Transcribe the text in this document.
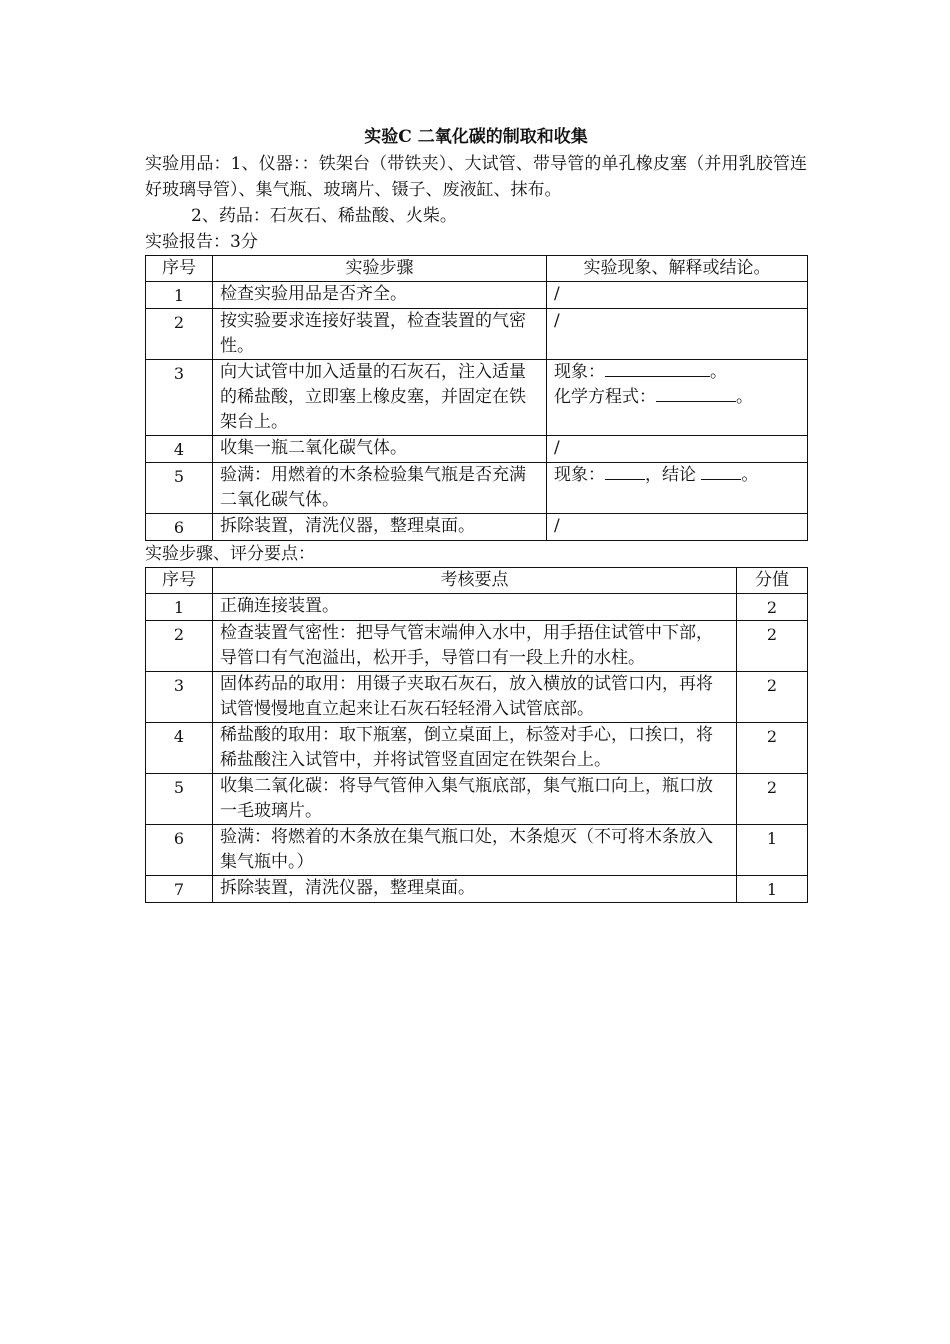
实验C 二氧化碳的制取和收集

实验用品：1、仪器：：铁架台（带铁夹）、大试管、带导管的单孔橡皮塞（并用乳胶管连好玻璃导管）、集气瓶、玻璃片、镊子、废液缸、抹布。

2、药品：石灰石、稀盐酸、火柴。

实验报告：3分

序号	实验步骤	实验现象、解释或结论。
1	检查实验用品是否齐全。	/
2	按实验要求连接好装置，检查装置的气密性。	/
3	向大试管中加入适量的石灰石，注入适量的稀盐酸，立即塞上橡皮塞，并固定在铁架台上。	现象： 。
化学方程式： 。

4	收集一瓶二氧化碳气体。	/
5	验满：用燃着的木条检验集气瓶是否充满二氧化碳气体。	现象： ，结论 。
6	拆除装置，清洗仪器，整理桌面。	/

实验步骤、评分要点：

序号	考核要点	分值
1	正确连接装置。	2
2	检查装置气密性：把导气管末端伸入水中，用手捂住试管中下部，导管口有气泡溢出，松开手，导管口有一段上升的水柱。	2
3	固体药品的取用：用镊子夹取石灰石，放入横放的试管口内，再将试管慢慢地直立起来让石灰石轻轻滑入试管底部。	2
4	稀盐酸的取用：取下瓶塞，倒立桌面上，标签对手心，口挨口，将稀盐酸注入试管中，并将试管竖直固定在铁架台上。	2
5	收集二氧化碳：将导气管伸入集气瓶底部，集气瓶口向上，瓶口放一毛玻璃片。	2
6	验满：将燃着的木条放在集气瓶口处，木条熄灭（不可将木条放入集气瓶中。）	1
7	拆除装置，清洗仪器，整理桌面。	1
